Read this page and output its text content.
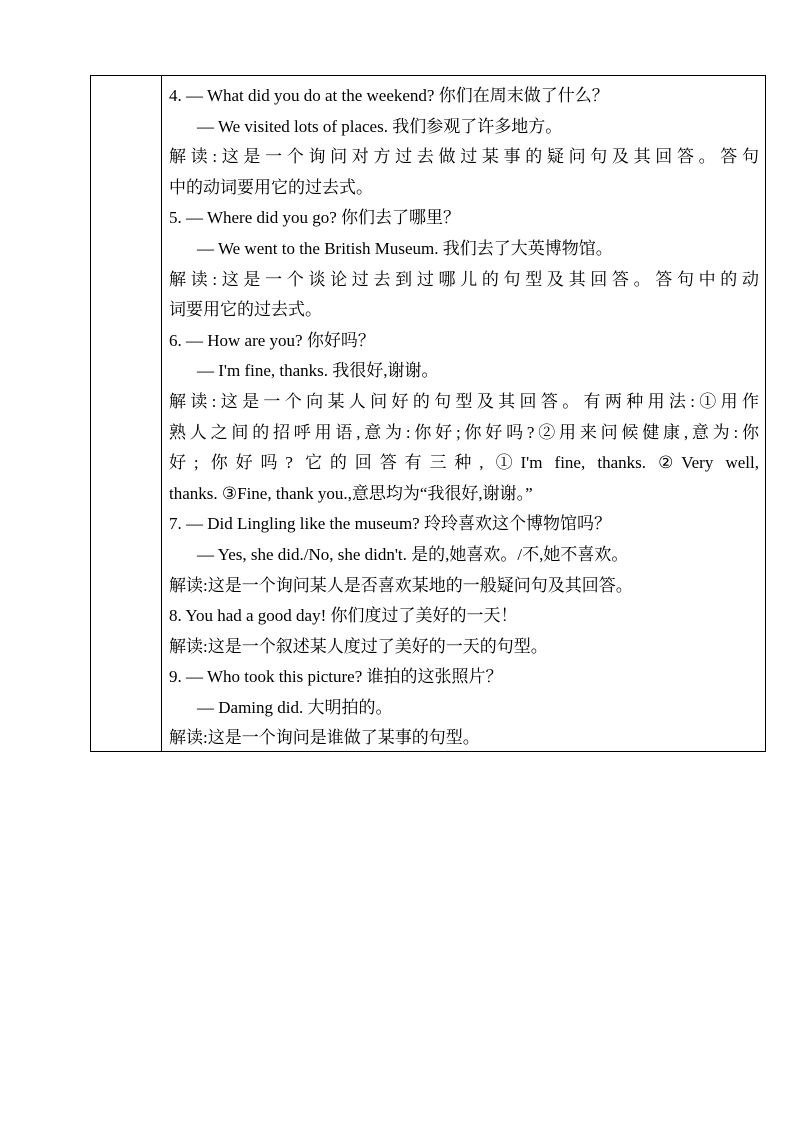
4. — What did you do at the weekend? 你们在周末做了什么？
— We visited lots of places. 我们参观了许多地方。
解读:这是一个询问对方过去做过某事的疑问句及其回答。答句
中的动词要用它的过去式。
5. — Where did you go? 你们去了哪里？
— We went to the British Museum. 我们去了大英博物馆。
解读:这是一个谈论过去到过哪儿的句型及其回答。答句中的动
词要用它的过去式。
6. — How are you? 你好吗？
— I'm fine, thanks. 我很好,谢谢。
解读:这是一个向某人问好的句型及其回答。有两种用法:①用作
熟人之间的招呼用语,意为:你好;你好吗?②用来问候健康,意为:你
好; 你好吗? 它的回答有三种, ①I'm fine, thanks. ②Very well,
thanks. ③Fine, thank you.,意思均为“我很好,谢谢。”
7. — Did Lingling like the museum? 玲玲喜欢这个博物馆吗？
— Yes, she did./No, she didn't. 是的,她喜欢。/不,她不喜欢。
解读:这是一个询问某人是否喜欢某地的一般疑问句及其回答。
8. You had a good day! 你们度过了美好的一天！
解读:这是一个叙述某人度过了美好的一天的句型。
9. — Who took this picture? 谁拍的这张照片？
— Daming did. 大明拍的。
解读:这是一个询问是谁做了某事的句型。
